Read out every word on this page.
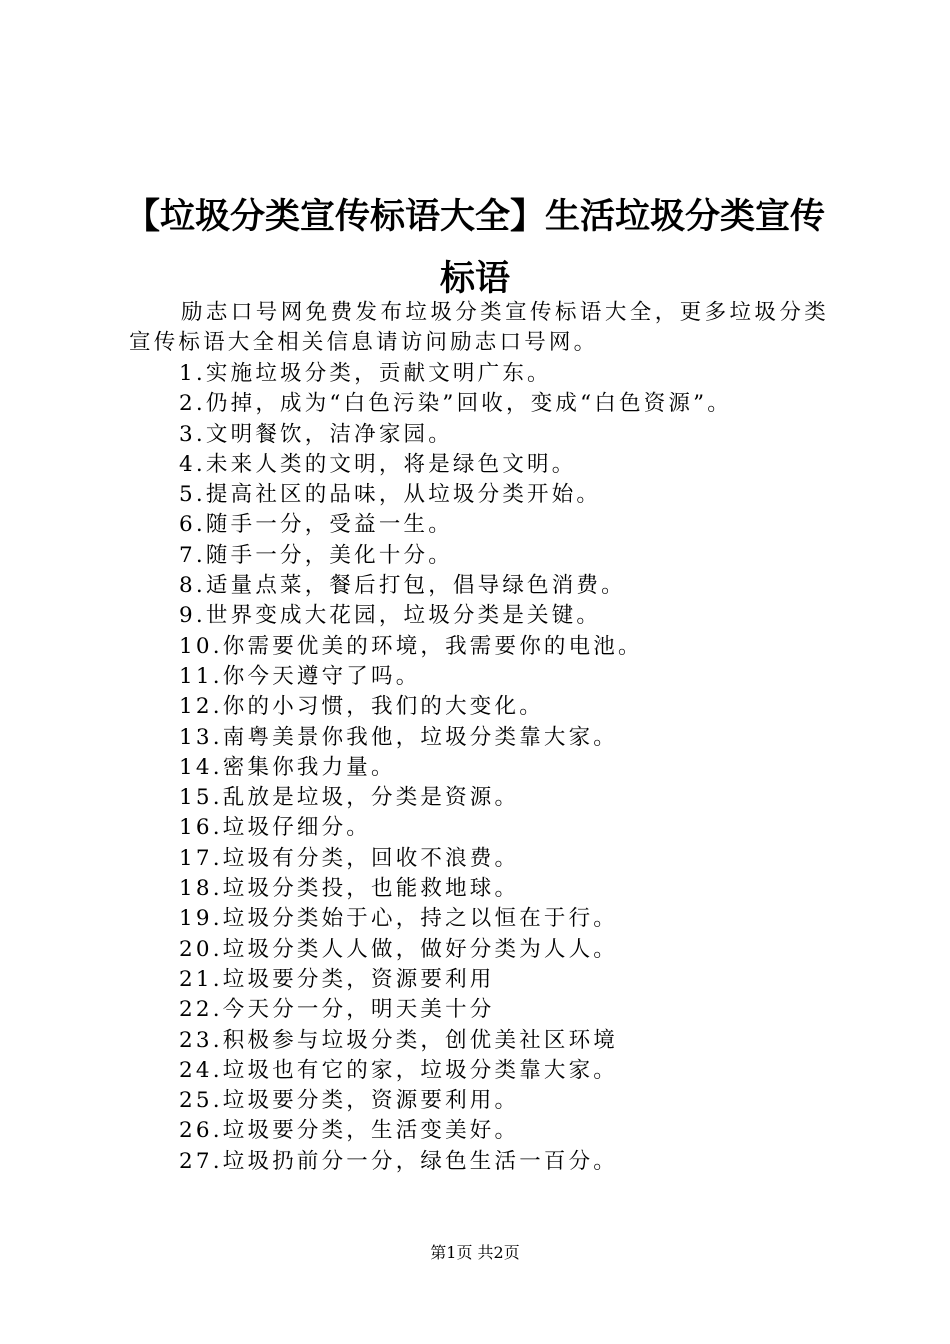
【垃圾分类宣传标语大全】生活垃圾分类宣传标语
励志口号网免费发布垃圾分类宣传标语大全，更多垃圾分类宣传标语大全相关信息请访问励志口号网。
1.实施垃圾分类，贡献文明广东。
2.仍掉，成为“白色污染”回收，变成“白色资源”。
3.文明餐饮，洁净家园。
4.未来人类的文明，将是绿色文明。
5.提高社区的品味，从垃圾分类开始。
6.随手一分，受益一生。
7.随手一分，美化十分。
8.适量点菜，餐后打包，倡导绿色消费。
9.世界变成大花园，垃圾分类是关键。
10.你需要优美的环境，我需要你的电池。
11.你今天遵守了吗。
12.你的小习惯，我们的大变化。
13.南粤美景你我他，垃圾分类靠大家。
14.密集你我力量。
15.乱放是垃圾，分类是资源。
16.垃圾仔细分。
17.垃圾有分类，回收不浪费。
18.垃圾分类投，也能救地球。
19.垃圾分类始于心，持之以恒在于行。
20.垃圾分类人人做，做好分类为人人。
21.垃圾要分类，资源要利用
22.今天分一分，明天美十分
23.积极参与垃圾分类，创优美社区环境
24.垃圾也有它的家，垃圾分类靠大家。
25.垃圾要分类，资源要利用。
26.垃圾要分类，生活变美好。
27.垃圾扔前分一分，绿色生活一百分。
第1页 共2页
